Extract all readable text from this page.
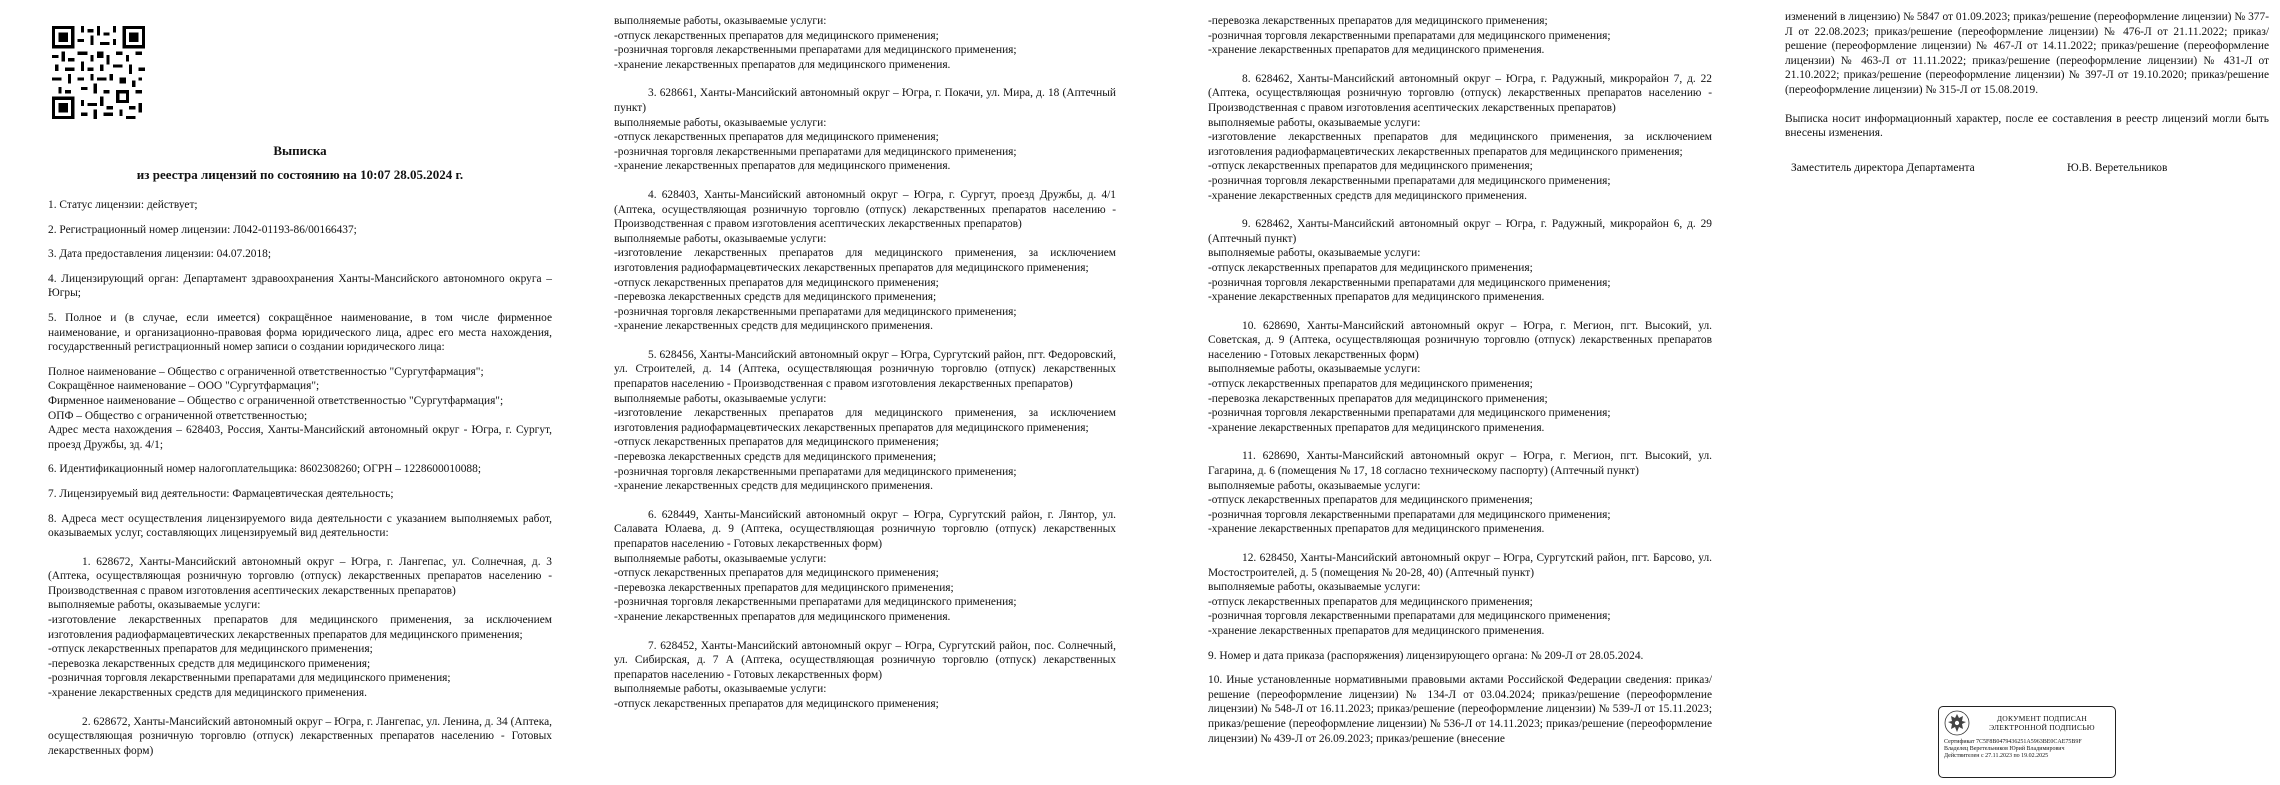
Выписка

из реестра лицензий по состоянию на 10:07 28.05.2024 г.

1. Статус лицензии: действует;

2. Регистрационный номер лицензии: Л042-01193-86/00166437;

3. Дата предоставления лицензии: 04.07.2018;

4. Лицензирующий орган: Департамент здравоохранения Ханты-Мансийского автономного округа – Югры;

5. Полное и (в случае, если имеется) сокращённое наименование, в том числе фирменное наименование, и организационно-правовая форма юридического лица, адрес его места нахождения, государственный регистрационный номер записи о создании юридического лица:

Полное наименование – Общество с ограниченной ответственностью "Сургутфармация";

Сокращённое наименование – ООО "Сургутфармация";

Фирменное наименование – Общество с ограниченной ответственностью "Сургутфармация";

ОПФ – Общество с ограниченной ответственностью;

Адрес места нахождения – 628403, Россия, Ханты-Мансийский автономный округ - Югра, г. Сургут, проезд Дружбы, зд. 4/1;

6. Идентификационный номер налогоплательщика: 8602308260; ОГРН – 1228600010088;

7. Лицензируемый вид деятельности: Фармацевтическая деятельность;

8. Адреса мест осуществления лицензируемого вида деятельности с указанием выполняемых работ, оказываемых услуг, составляющих лицензируемый вид деятельности:

1. 628672, Ханты-Мансийский автономный округ – Югра, г. Лангепас, ул. Солнечная, д. 3 (Аптека, осуществляющая розничную торговлю (отпуск) лекарственных препаратов населению - Производственная с правом изготовления асептических лекарственных препаратов)

выполняемые работы, оказываемые услуги:

-изготовление лекарственных препаратов для медицинского применения, за исключением изготовления радиофармацевтических лекарственных препаратов для медицинского применения;

-отпуск лекарственных препаратов для медицинского применения;

-перевозка лекарственных средств для медицинского применения;

-розничная торговля лекарственными препаратами для медицинского применения;

-хранение лекарственных средств для медицинского применения.

2. 628672, Ханты-Мансийский автономный округ – Югра, г. Лангепас, ул. Ленина, д. 34 (Аптека, осуществляющая розничную торговлю (отпуск) лекарственных препаратов населению - Готовых лекарственных форм)

выполняемые работы, оказываемые услуги:

-отпуск лекарственных препаратов для медицинского применения;

-розничная торговля лекарственными препаратами для медицинского применения;

-хранение лекарственных препаратов для медицинского применения.

3. 628661, Ханты-Мансийский автономный округ – Югра, г. Покачи, ул. Мира, д. 18 (Аптечный пункт)

выполняемые работы, оказываемые услуги:

-отпуск лекарственных препаратов для медицинского применения;

-розничная торговля лекарственными препаратами для медицинского применения;

-хранение лекарственных препаратов для медицинского применения.

4. 628403, Ханты-Мансийский автономный округ – Югра, г. Сургут, проезд Дружбы, д. 4/1 (Аптека, осуществляющая розничную торговлю (отпуск) лекарственных препаратов населению - Производственная с правом изготовления асептических лекарственных препаратов)

выполняемые работы, оказываемые услуги:

-изготовление лекарственных препаратов для медицинского применения, за исключением изготовления радиофармацевтических лекарственных препаратов для медицинского применения;

-отпуск лекарственных препаратов для медицинского применения;

-перевозка лекарственных средств для медицинского применения;

-розничная торговля лекарственными препаратами для медицинского применения;

-хранение лекарственных средств для медицинского применения.

5. 628456, Ханты-Мансийский автономный округ – Югра, Сургутский район, пгт. Федоровский, ул. Строителей, д. 14 (Аптека, осуществляющая розничную торговлю (отпуск) лекарственных препаратов населению - Производственная с правом изготовления лекарственных препаратов)

выполняемые работы, оказываемые услуги:

-изготовление лекарственных препаратов для медицинского применения, за исключением изготовления радиофармацевтических лекарственных препаратов для медицинского применения;

-отпуск лекарственных препаратов для медицинского применения;

-перевозка лекарственных средств для медицинского применения;

-розничная торговля лекарственными препаратами для медицинского применения;

-хранение лекарственных средств для медицинского применения.

6. 628449, Ханты-Мансийский автономный округ – Югра, Сургутский район, г. Лянтор, ул. Салавата Юлаева, д. 9 (Аптека, осуществляющая розничную торговлю (отпуск) лекарственных препаратов населению - Готовых лекарственных форм)

выполняемые работы, оказываемые услуги:

-отпуск лекарственных препаратов для медицинского применения;

-перевозка лекарственных препаратов для медицинского применения;

-розничная торговля лекарственными препаратами для медицинского применения;

-хранение лекарственных препаратов для медицинского применения.

7. 628452, Ханты-Мансийский автономный округ – Югра, Сургутский район, пос. Солнечный, ул. Сибирская, д. 7 А (Аптека, осуществляющая розничную торговлю (отпуск) лекарственных препаратов населению - Готовых лекарственных форм)

выполняемые работы, оказываемые услуги:

-отпуск лекарственных препаратов для медицинского применения;

-перевозка лекарственных препаратов для медицинского применения;

-розничная торговля лекарственными препаратами для медицинского применения;

-хранение лекарственных препаратов для медицинского применения.

8. 628462, Ханты-Мансийский автономный округ – Югра, г. Радужный, микрорайон 7, д. 22 (Аптека, осуществляющая розничную торговлю (отпуск) лекарственных препаратов населению - Производственная с правом изготовления асептических лекарственных препаратов)

выполняемые работы, оказываемые услуги:

-изготовление лекарственных препаратов для медицинского применения, за исключением изготовления радиофармацевтических лекарственных препаратов для медицинского применения;

-отпуск лекарственных препаратов для медицинского применения;

-розничная торговля лекарственными препаратами для медицинского применения;

-хранение лекарственных средств для медицинского применения.

9. 628462, Ханты-Мансийский автономный округ – Югра, г. Радужный, микрорайон 6, д. 29 (Аптечный пункт)

выполняемые работы, оказываемые услуги:

-отпуск лекарственных препаратов для медицинского применения;

-розничная торговля лекарственными препаратами для медицинского применения;

-хранение лекарственных препаратов для медицинского применения.

10. 628690, Ханты-Мансийский автономный округ – Югра, г. Мегион, пгт. Высокий, ул. Советская, д. 9 (Аптека, осуществляющая розничную торговлю (отпуск) лекарственных препаратов населению - Готовых лекарственных форм)

выполняемые работы, оказываемые услуги:

-отпуск лекарственных препаратов для медицинского применения;

-перевозка лекарственных препаратов для медицинского применения;

-розничная торговля лекарственными препаратами для медицинского применения;

-хранение лекарственных препаратов для медицинского применения.

11. 628690, Ханты-Мансийский автономный округ – Югра, г. Мегион, пгт. Высокий, ул. Гагарина, д. 6 (помещения № 17, 18 согласно техническому паспорту) (Аптечный пункт)

выполняемые работы, оказываемые услуги:

-отпуск лекарственных препаратов для медицинского применения;

-розничная торговля лекарственными препаратами для медицинского применения;

-хранение лекарственных препаратов для медицинского применения.

12. 628450, Ханты-Мансийский автономный округ – Югра, Сургутский район, пгт. Барсово, ул. Мостостроителей, д. 5 (помещения № 20-28, 40) (Аптечный пункт)

выполняемые работы, оказываемые услуги:

-отпуск лекарственных препаратов для медицинского применения;

-розничная торговля лекарственными препаратами для медицинского применения;

-хранение лекарственных препаратов для медицинского применения.

9. Номер и дата приказа (распоряжения) лицензирующего органа: № 209-Л от 28.05.2024.

10. Иные установленные нормативными правовыми актами Российской Федерации сведения: приказ/решение (переоформление лицензии) № 134-Л от 03.04.2024; приказ/решение (переоформление лицензии) № 548-Л от 16.11.2023; приказ/решение (переоформление лицензии) № 539-Л от 15.11.2023; приказ/решение (переоформление лицензии) № 536-Л от 14.11.2023; приказ/решение (переоформление лицензии) № 439-Л от 26.09.2023; приказ/решение (внесение

изменений в лицензию) № 5847 от 01.09.2023; приказ/решение (переоформление лицензии) № 377-Л от 22.08.2023; приказ/решение (переоформление лицензии) № 476-Л от 21.11.2022; приказ/решение (переоформление лицензии) № 467-Л от 14.11.2022; приказ/решение (переоформление лицензии) № 463-Л от 11.11.2022; приказ/решение (переоформление лицензии) № 431-Л от 21.10.2022; приказ/решение (переоформление лицензии) № 397-Л от 19.10.2020; приказ/решение (переоформление лицензии) № 315-Л от 15.08.2019.

Выписка носит информационный характер, после ее составления в реестр лицензий могли быть внесены изменения.

Заместитель директора Департамента	Ю.В. Веретельников
ДОКУМЕНТ ПОДПИСАН
ЭЛЕКТРОННОЙ ПОДПИСЬЮ
Сертификат 7C5F8B0479436251A5963BE0CAE75B9F
Владелец Веретельников Юрий Владимирович
Действителен с 27.11.2023 по 19.02.2025
